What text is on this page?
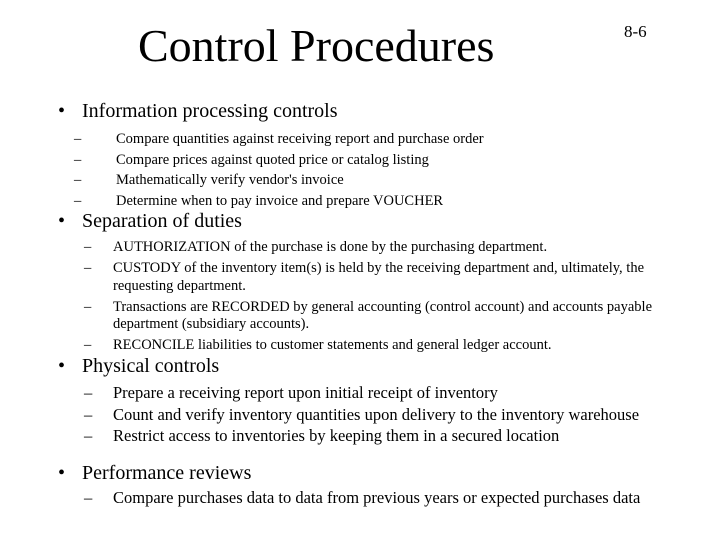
Control Procedures	8-6
• Information processing controls
–	Compare quantities against receiving report and purchase order
–	Compare prices against quoted price or catalog listing
–	Mathematically verify vendor's invoice
–	Determine when to pay invoice and prepare VOUCHER
• Separation of duties
–	AUTHORIZATION of the purchase is done by the purchasing department.
–	CUSTODY of the inventory item(s) is held by the receiving department and, ultimately, the requesting department.
–	Transactions are RECORDED by general accounting (control account) and accounts payable department (subsidiary accounts).
–	RECONCILE liabilities to customer statements and general ledger account.
• Physical controls
–	Prepare a receiving report upon initial receipt of inventory
–	Count and verify inventory quantities upon delivery to the inventory warehouse
–	Restrict access to inventories by keeping them in a secured location
• Performance reviews
–	Compare purchases data to data from previous years or expected purchases data
